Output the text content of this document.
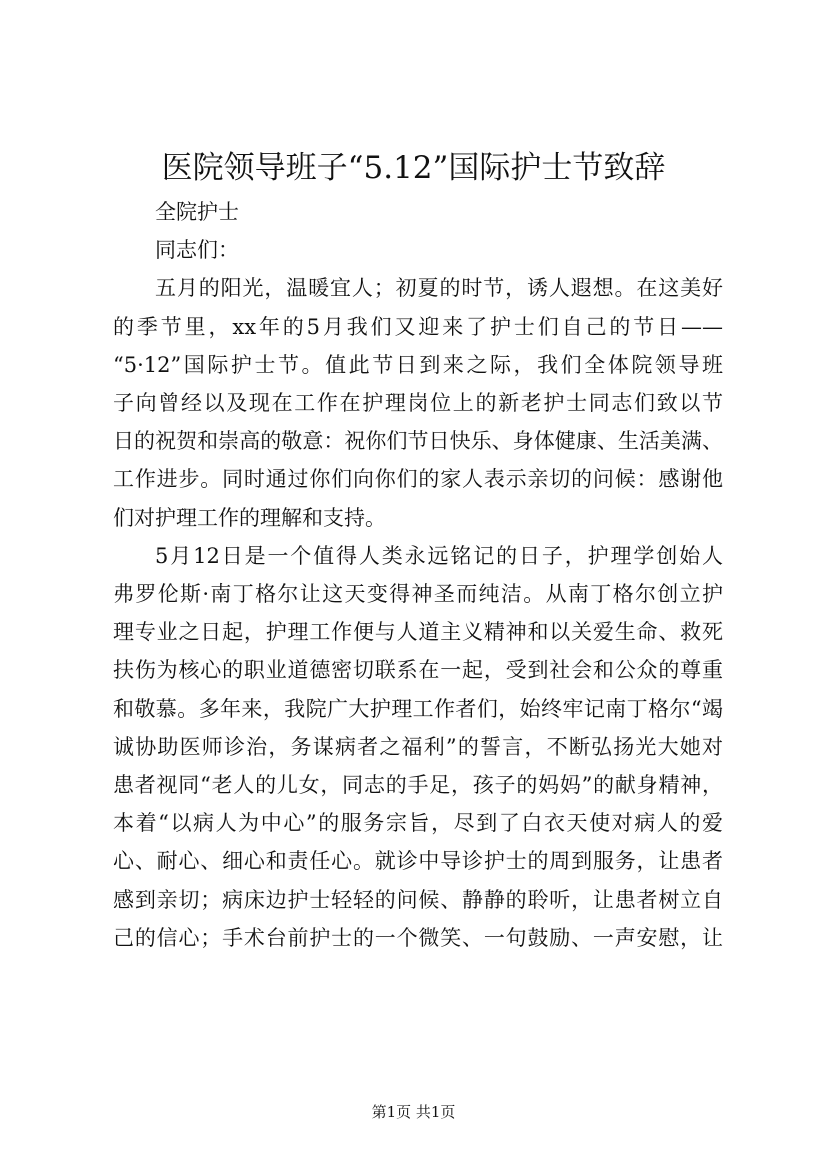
医院领导班子“5.12”国际护士节致辞
全院护士
同志们：
五月的阳光，温暖宜人；初夏的时节，诱人遐想。在这美好
的季节里，xx年的5月我们又迎来了护士们自己的节日——
“5·12”国际护士节。值此节日到来之际，我们全体院领导班
子向曾经以及现在工作在护理岗位上的新老护士同志们致以节
日的祝贺和崇高的敬意：祝你们节日快乐、身体健康、生活美满、
工作进步。同时通过你们向你们的家人表示亲切的问候：感谢他
们对护理工作的理解和支持。
5月12日是一个值得人类永远铭记的日子，护理学创始人
弗罗伦斯·南丁格尔让这天变得神圣而纯洁。从南丁格尔创立护
理专业之日起，护理工作便与人道主义精神和以关爱生命、救死
扶伤为核心的职业道德密切联系在一起，受到社会和公众的尊重
和敬慕。多年来，我院广大护理工作者们，始终牢记南丁格尔“竭
诚协助医师诊治，务谋病者之福利”的誓言，不断弘扬光大她对
患者视同“老人的儿女，同志的手足，孩子的妈妈”的献身精神，
本着“以病人为中心”的服务宗旨，尽到了白衣天使对病人的爱
心、耐心、细心和责任心。就诊中导诊护士的周到服务，让患者
感到亲切；病床边护士轻轻的问候、静静的聆听，让患者树立自
己的信心；手术台前护士的一个微笑、一句鼓励、一声安慰，让
第1页 共1页
